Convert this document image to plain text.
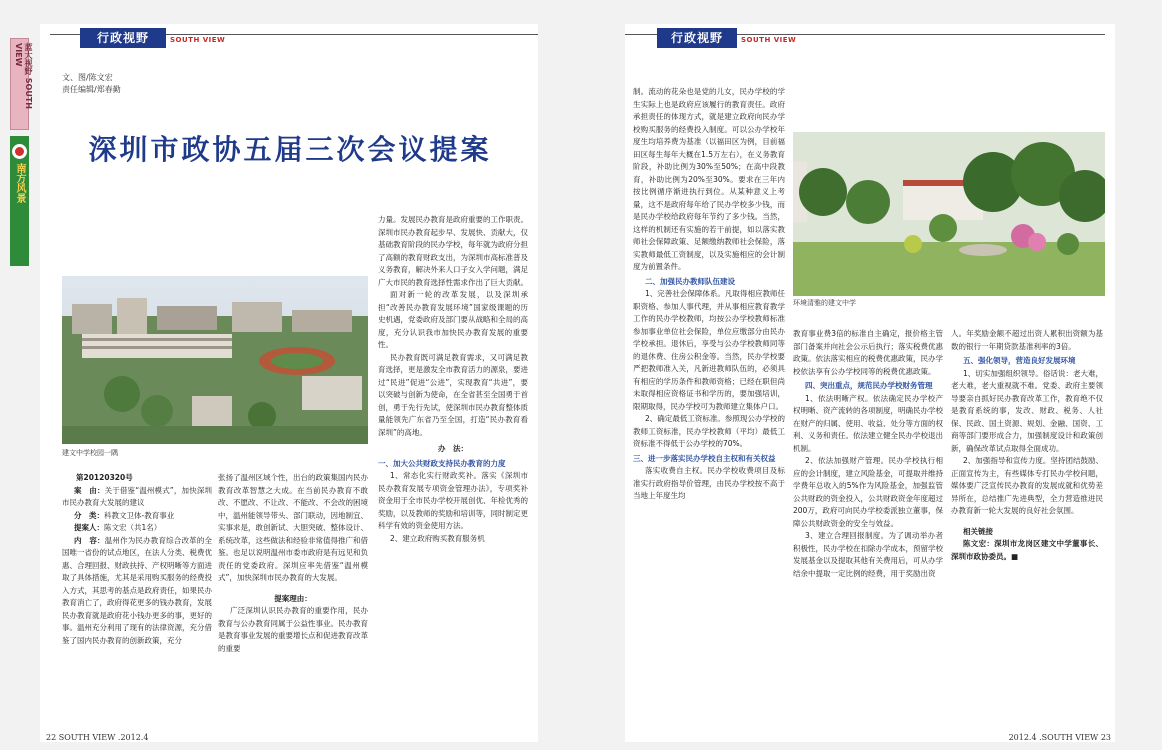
蓝大视野 SOUTH VIEW
南方风景
行政视野	SOUTH VIEW
文、图/陈文宏
责任编辑/郑春勤
深圳市政协五届三次会议提案
建文中学校园一隅

第20120320号

案　由：关于借鉴“温州模式”，加快深圳市民办教育大发展的建议

分　类：科教文卫体-教育事业

提案人：陈文宏（共1名）

内　容：温州作为民办教育综合改革的全国唯一省份的试点地区，在法人分类、税费优惠、合理回报、财政扶持、产权明晰等方面进取了具体措施，尤其是采用购买服务的经费投入方式，其思考的基点是政府责任，如果民办教育消亡了，政府得花更多的钱办教育，发展民办教育就是政府花小钱办更多的事，更好的事。温州充分利用了现有的法律资源，充分借鉴了国内民办教育的创新政策，充分

张扬了温州区域个性，出台的政策集国内民办教育改革智慧之大成。在当前民办教育不敢改、不愿改、不让改、不能改、不会改的困境中，温州能领导带头、部门联动，因地制宜、实事求是，敢创新试、大胆突破、整体设计、系统改革，这些做法和经验非常值得推广和借鉴。也足以说明温州市委市政府是有远见和负责任的党委政府。深圳应率先借鉴“温州模式”，加快深圳市民办教育的大发展。

提案理由：

广泛深圳认识民办教育的重要作用，民办教育与公办教育同属于公益性事业。民办教育是教育事业发展的重要增长点和促进教育改革的重要

力量。发展民办教育是政府重要的工作职责。深圳市民办教育起步早、发展快、贡献大，仅基础教育阶段的民办学校，每年就为政府分担了高额的教育财政支出，为深圳市高标准普及义务教育，解决外来人口子女入学问题，满足广大市民的教育选择性需求作出了巨大贡献。

面对新一轮的改革发展，以及深圳承担“改善民办教育发展环境”国家级课题的历史机遇，党委政府及部门要从战略和全局的高度，充分认识我市加快民办教育发展的重要性。

民办教育既可满足教育需求，又可满足教育选择，更是激发全市教育活力的源泉，要进过“民进”促进“公进”，实现教育“共进”，要以突破与创新为使命，在全省甚至全国勇于首创，勇于先行先试，使深圳市民办教育整体质量能领先广东省乃至全国，打造“民办教育看深圳”的高地。

办　法：

一、加大公共财政支持民办教育的力度

1、常态化实行财政奖补。落实《深圳市民办教育发展专项资金管理办法》，专项奖补资金用于全市民办学校开展创优、年检优秀的奖励，以及教师的奖励和培训等，同时制定更科学有效的资金使用方法。

2、建立政府购买教育服务机

22 SOUTH VIEW .2012.4
行政视野	SOUTH VIEW

制。流动的花朵也是党的儿女，民办学校的学生实际上也是政府应该履行的教育责任。政府承担责任的体现方式，就是建立政府向民办学校购买服务的经费投入制度。可以公办学校年度生均培养费为基准（以福田区为例，目前福田区每生每年大概在1.5万左右），在义务教育阶段，补助比例为30%至50%；在高中段教育，补助比例为20%至30%。要求在三年内按比例循序渐进执行到位。从某种意义上考量，这不是政府每年给了民办学校多少钱，而是民办学校给政府每年节约了多少钱。当然，这样的机制还有实施的若干前提，如以落实教师社会保障政策、足额缴纳教师社会保险，落实教师最低工资制度，以及实施相应的会计制度为前置条件。

二、加强民办教师队伍建设

1、完善社会保障体系。凡取得相应教师任职资格、参加人事代理，并从事相应教育教学工作的民办学校教师，均按公办学校教师标准参加事业单位社会保险，单位应缴部分由民办学校承担。退休后，享受与公办学校教师同等的退休费、住房公积金等。当然，民办学校要严把教师准入关，凡新进教师队伍的，必须具有相应的学历条件和教师资格；已经在职但尚未取得相应资格证书和学历的，要加强培训，限期取得，民办学校可为教师建立集体户口。

2、确定最低工资标准。参照现公办学校的教师工资标准，民办学校教师（平均）最低工资标准不得低于公办学校的70%。

三、进一步落实民办学校自主权和有关权益

落实收费自主权。民办学校收费项目及标准实行政府指导价管理，由民办学校按不高于当地上年度生均

环境清雅的建文中学

教育事业费3倍的标准自主确定，报价格主管部门备案并向社会公示后执行；落实税费优惠政策。依法落实相应的税费优惠政策，民办学校依法享有公办学校同等的税费优惠政策。

四、突出重点，规范民办学校财务管理

1、依法明晰产权。依法确定民办学校产权明晰、资产流转的各项制度，明确民办学校在财产的归属、使用、收益、处分等方面的权利、义务和责任。依法建立健全民办学校退出机制。

2、依法加强财产管理。民办学校执行相应的会计制度，建立风险基金，可提取并维持学费年总收入的5%作为风险基金，加强监管公共财政的资金投入，公共财政资金年度超过200万，政府可向民办学校委派独立董事，保障公共财政资金的安全与效益。

3、建立合理回报制度。为了调动举办者积极性，民办学校在扣除办学成本，预留学校发展基金以及提取其他有关费用后，可从办学结余中提取一定比例的经费，用于奖励出资

人。年奖励金额不超过出资人累积出资额为基数的银行一年期贷款基准利率的3倍。

五、强化领导，营造良好发展环境

1、切实加强组织领导。俗话说：老大难，老大难，老大重视就不难。党委、政府主要领导要亲自抓好民办教育改革工作，教育绝不仅是教育系统的事，发改、财政、税务、人社保、民政、国土资源、规划、金融、国资、工商等部门要形成合力，加强制度设计和政策创新，确保改革试点取得全面成功。

2、加强指导和宣传力度。坚持团结鼓励、正面宣传为主，有些媒体专打民办学校问题，媒体要广泛宣传民办教育的发展成就和优势差异所在，总结推广先进典型，全力营造推进民办教育新一轮大发展的良好社会氛围。

相关链接

陈文宏：深圳市龙岗区建文中学董事长、深圳市政协委员。■

2012.4 .SOUTH VIEW 23
